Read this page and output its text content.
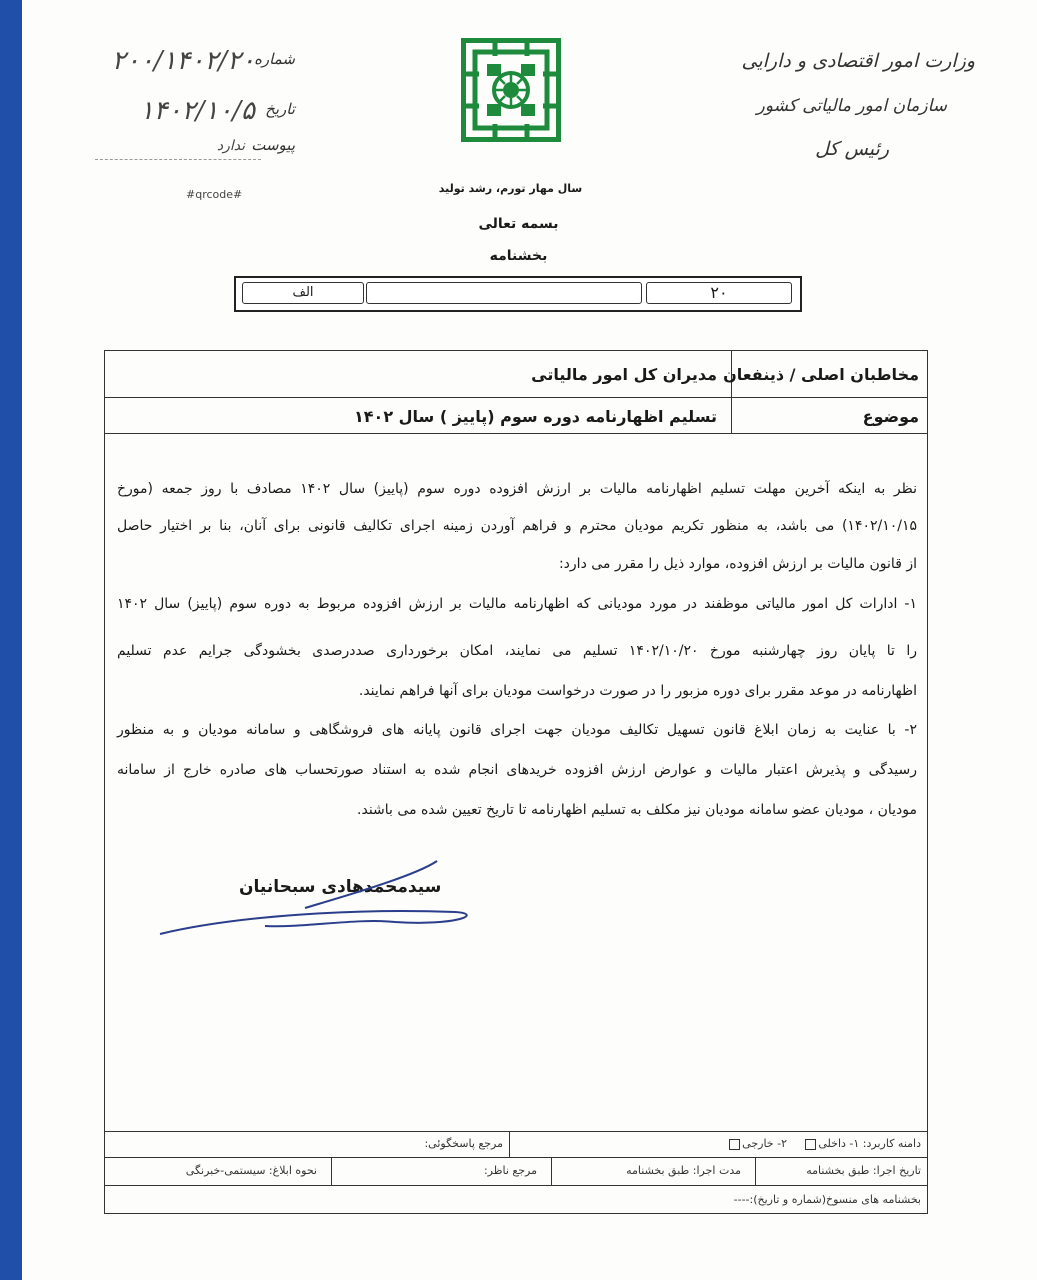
شماره
۲۰۰/۱۴۰۲/۲۰
تاریخ
۱۴۰۲/۱۰/۵
پیوست
ندارد
#qrcode#
وزارت امور اقتصادی و دارایی
سازمان امور مالیاتی کشور
رئیس کل
سال مهار تورم، رشد تولید
بسمه تعالی
بخشنامه
الف	۲۰
مخاطبان اصلی / ذینفعان
مدیران کل امور مالیاتی
موضوع
تسلیم اظهارنامه دوره سوم (پاییز ) سال ۱۴۰۲
نظر به اینکه آخرین مهلت تسلیم اظهارنامه مالیات بر ارزش افزوده دوره سوم (پاییز) سال ۱۴۰۲ مصادف با روز جمعه (مورخ
۱۴۰۲/۱۰/۱۵) می باشد، به منظور تکریم مودیان محترم و فراهم آوردن زمینه اجرای تکالیف قانونی برای آنان، بنا بر اختیار حاصل
از قانون مالیات بر ارزش افزوده، موارد ذیل را مقرر می دارد:
۱- ادارات کل امور مالیاتی موظفند در مورد مودیانی که اظهارنامه مالیات بر ارزش افزوده مربوط به دوره سوم (پاییز) سال ۱۴۰۲
را تا پایان روز چهارشنبه مورخ ۱۴۰۲/۱۰/۲۰ تسلیم می نمایند، امکان برخورداری صددرصدی بخشودگی جرایم عدم تسلیم
اظهارنامه در موعد مقرر برای دوره مزبور را در صورت درخواست مودیان برای آنها فراهم نمایند.
۲- با عنایت به زمان ابلاغ قانون تسهیل تکالیف مودیان جهت اجرای قانون پایانه های فروشگاهی و سامانه مودیان و به منظور
رسیدگی و پذیرش اعتبار مالیات و عوارض ارزش افزوده خریدهای انجام شده به استناد صورتحساب های صادره خارج از سامانه
مودیان ، مودیان عضو سامانه مودیان نیز مکلف به تسلیم اظهارنامه تا تاریخ تعیین شده می باشند.
سیدمحمدهادی سبحانیان
دامنه کاربرد: ۱- داخلی
۲- خارجی
مرجع پاسخگوئی:
تاریخ اجرا: طبق بخشنامه
مدت اجرا: طبق بخشنامه
مرجع ناظر:
نحوه ابلاغ: سیستمی-خبرنگی
بخشنامه های منسوخ(شماره و تاریخ):----
